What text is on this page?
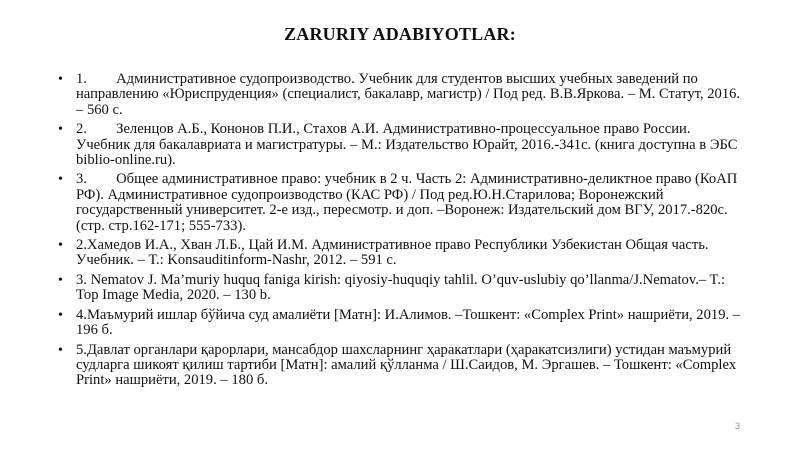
ZARURIY ADABIYOTLAR:
• 1.  Административное судопроизводство. Учебник для студентов высших учебных заведений по направлению «Юриспруденция» (специалист, бакалавр, магистр) / Под ред. В.В.Яркова. – М. Статут, 2016. – 560 с.
• 2.  Зеленцов А.Б., Кононов П.И., Стахов А.И. Административно-процессуальное право России. Учебник для бакалавриата и магистратуры. – М.: Издательство Юрайт, 2016.-341с. (книга доступна в ЭБС biblio-online.ru).
• 3.  Общее административное право: учебник в 2 ч. Часть 2: Административно-деликтное право (КоАП РФ). Административное судопроизводство (КАС РФ) / Под ред.Ю.Н.Старилова; Воронежский государственный университет. 2-е изд., пересмотр. и доп. –Воронеж: Издательский дом ВГУ, 2017.-820с. (стр. стр.162-171; 555-733).
• 2.Хамедов И.А., Хван Л.Б., Цай И.М. Административное право Республики Узбекистан Общая часть. Учебник. – Т.: Konsauditinform-Nashr, 2012. – 591 с.
• 3. Nematov J. Ma’muriy huquq faniga kirish: qiyosiy-huquqiy tahlil. O’quv-uslubiy qo’llanma/J.Nematov.– T.: Top Image Media, 2020. – 130 b.
• 4.Маъмурий ишлар бўйича суд амалиёти [Матн]: И.Алимов. –Тошкент: «Complex Print» нашриёти, 2019. – 196 б.
• 5.Давлат органлари қарорлари, мансабдор шахсларнинг ҳаракатлари (ҳаракатсизлиги) устидан маъмурий судларга шикоят қилиш тартиби [Матн]: амалий қўлланма / Ш.Саидов, М. Эргашев. – Тошкент: «Complex Print» нашриёти, 2019. – 180 б.
3
